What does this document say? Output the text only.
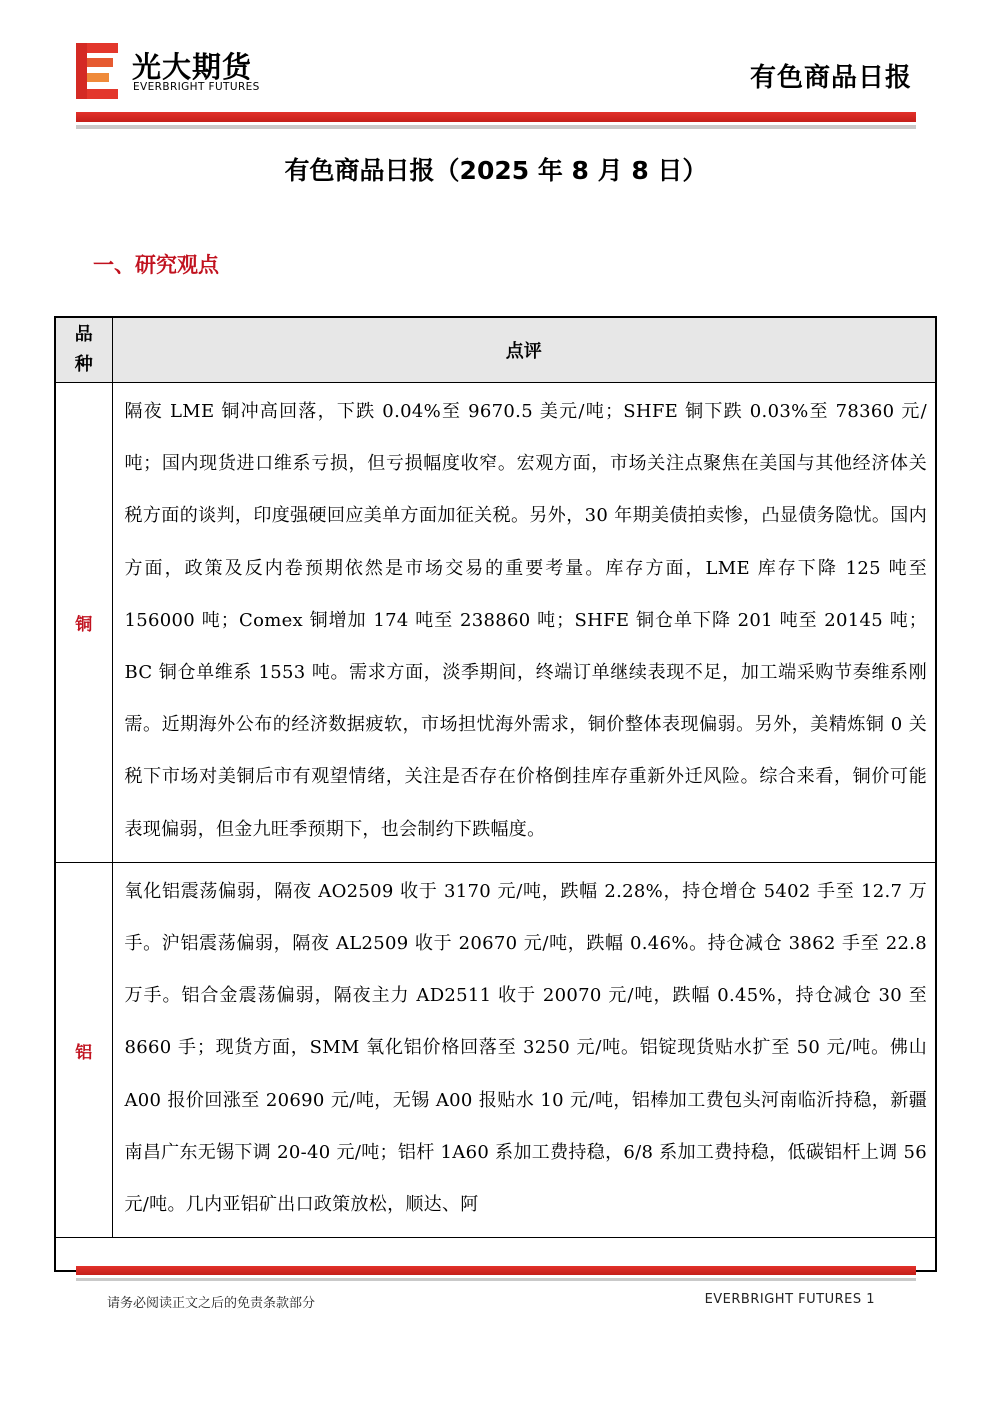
光大期货
EVERBRIGHT FUTURES	有色商品日报
有色商品日报（2025 年 8 月 8 日）
一、研究观点
品
种	点评
铜	隔夜 LME 铜冲高回落，下跌 0.04%至 9670.5 美元/吨；SHFE 铜下跌 0.03%至 78360 元/吨；国内现货进口维系亏损，但亏损幅度收窄。宏观方面，市场关注点聚焦在美国与其他经济体关税方面的谈判，印度强硬回应美单方面加征关税。另外，30 年期美债拍卖惨，凸显债务隐忧。国内方面，政策及反内卷预期依然是市场交易的重要考量。库存方面，LME 库存下降 125 吨至 156000 吨；Comex 铜增加 174 吨至 238860 吨；SHFE 铜仓单下降 201 吨至 20145 吨；BC 铜仓单维系 1553 吨。需求方面，淡季期间，终端订单继续表现不足，加工端采购节奏维系刚需。近期海外公布的经济数据疲软，市场担忧海外需求，铜价整体表现偏弱。另外，美精炼铜 0 关税下市场对美铜后市有观望情绪，关注是否存在价格倒挂库存重新外迁风险。综合来看，铜价可能表现偏弱，但金九旺季预期下，也会制约下跌幅度。

铝	氧化铝震荡偏弱，隔夜 AO2509 收于 3170 元/吨，跌幅 2.28%，持仓增仓 5402 手至 12.7 万手。沪铝震荡偏弱，隔夜 AL2509 收于 20670 元/吨，跌幅 0.46%。持仓减仓 3862 手至 22.8 万手。铝合金震荡偏弱，隔夜主力 AD2511 收于 20070 元/吨，跌幅 0.45%，持仓减仓 30 至 8660 手；现货方面，SMM 氧化铝价格回落至 3250 元/吨。铝锭现货贴水扩至 50 元/吨。佛山 A00 报价回涨至 20690 元/吨，无锡 A00 报贴水 10 元/吨，铝棒加工费包头河南临沂持稳，新疆南昌广东无锡下调 20-40 元/吨；铝杆 1A60 系加工费持稳，6/8 系加工费持稳，低碳铝杆上调 56 元/吨。几内亚铝矿出口政策放松，顺达、阿

请务必阅读正文之后的免责条款部分	EVERBRIGHT FUTURES 1
